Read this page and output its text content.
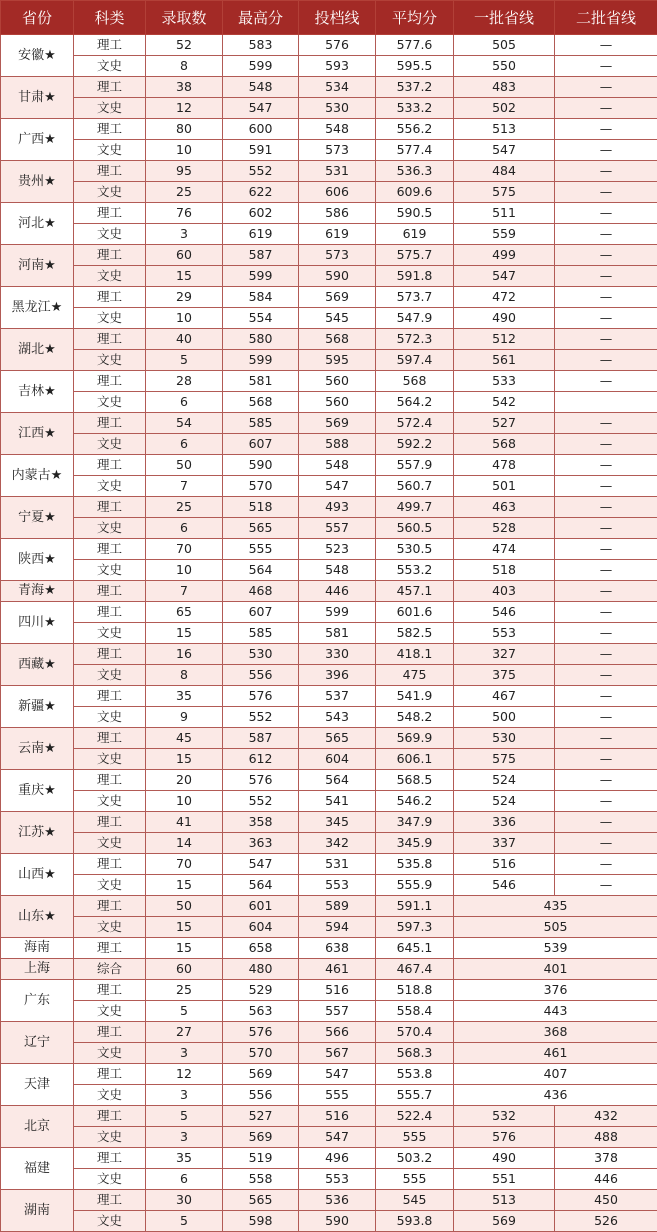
省份	科类	录取数	最高分	投档线	平均分	一批省线	二批省线
安徽★	理工	52	583	576	577.6	505	—
	文史	8	599	593	595.5	550	—
甘肃★	理工	38	548	534	537.2	483	—
	文史	12	547	530	533.2	502	—
广西★	理工	80	600	548	556.2	513	—
	文史	10	591	573	577.4	547	—
贵州★	理工	95	552	531	536.3	484	—
	文史	25	622	606	609.6	575	—
河北★	理工	76	602	586	590.5	511	—
	文史	3	619	619	619	559	—
河南★	理工	60	587	573	575.7	499	—
	文史	15	599	590	591.8	547	—
黑龙江★	理工	29	584	569	573.7	472	—
	文史	10	554	545	547.9	490	—
湖北★	理工	40	580	568	572.3	512	—
	文史	5	599	595	597.4	561	—
吉林★	理工	28	581	560	568	533	—
	文史	6	568	560	564.2	542	
江西★	理工	54	585	569	572.4	527	—
	文史	6	607	588	592.2	568	—
内蒙古★	理工	50	590	548	557.9	478	—
	文史	7	570	547	560.7	501	—
宁夏★	理工	25	518	493	499.7	463	—
	文史	6	565	557	560.5	528	—
陕西★	理工	70	555	523	530.5	474	—
	文史	10	564	548	553.2	518	—
青海★	理工	7	468	446	457.1	403	—
四川★	理工	65	607	599	601.6	546	—
	文史	15	585	581	582.5	553	—
西藏★	理工	16	530	330	418.1	327	—
	文史	8	556	396	475	375	—
新疆★	理工	35	576	537	541.9	467	—
	文史	9	552	543	548.2	500	—
云南★	理工	45	587	565	569.9	530	—
	文史	15	612	604	606.1	575	—
重庆★	理工	20	576	564	568.5	524	—
	文史	10	552	541	546.2	524	—
江苏★	理工	41	358	345	347.9	336	—
	文史	14	363	342	345.9	337	—
山西★	理工	70	547	531	535.8	516	—
	文史	15	564	553	555.9	546	—
山东★	理工	50	601	589	591.1	435	
	文史	15	604	594	597.3	505	
海南	理工	15	658	638	645.1	539	
上海	综合	60	480	461	467.4	401	
广东	理工	25	529	516	518.8	376	
	文史	5	563	557	558.4	443	
辽宁	理工	27	576	566	570.4	368	
	文史	3	570	567	568.3	461	
天津	理工	12	569	547	553.8	407	
	文史	3	556	555	555.7	436	
北京	理工	5	527	516	522.4	532	432
	文史	3	569	547	555	576	488
福建	理工	35	519	496	503.2	490	378
	文史	6	558	553	555	551	446
湖南	理工	30	565	536	545	513	450
	文史	5	598	590	593.8	569	526
